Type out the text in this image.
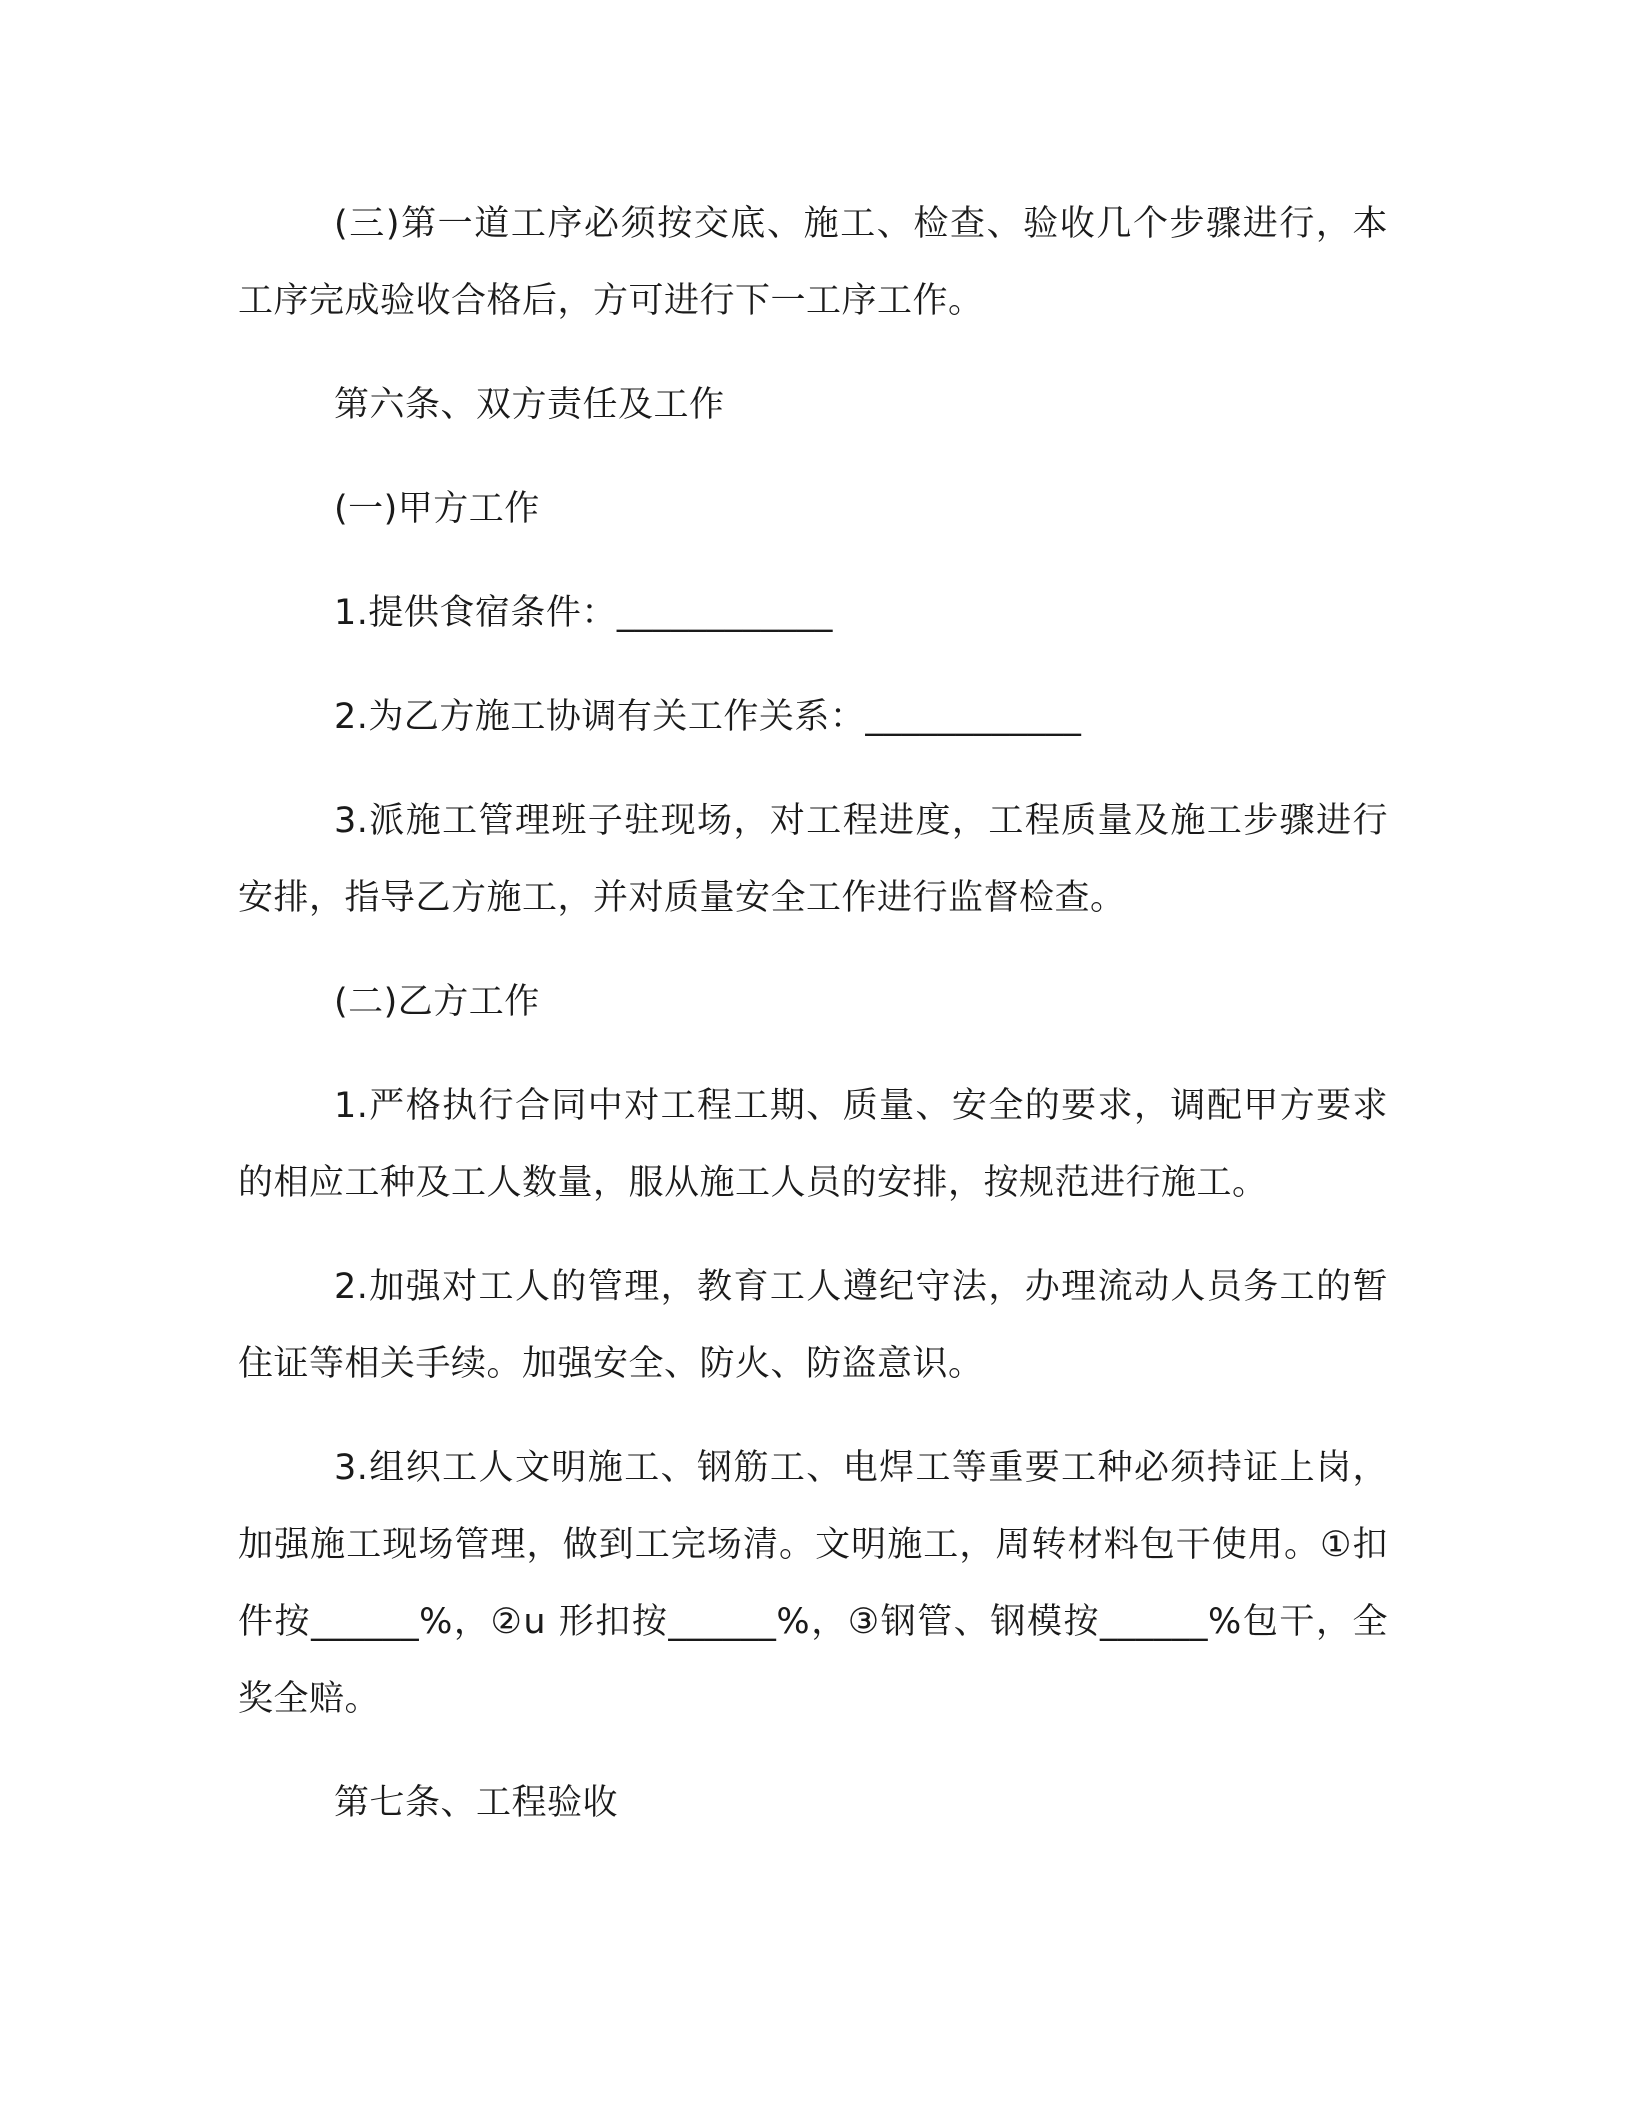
(三)第一道工序必须按交底、施工、检查、验收几个步骤进行，本工序完成验收合格后，方可进行下一工序工作。

第六条、双方责任及工作

(一)甲方工作

1.提供食宿条件：____________

2.为乙方施工协调有关工作关系：____________

3.派施工管理班子驻现场，对工程进度，工程质量及施工步骤进行安排，指导乙方施工，并对质量安全工作进行监督检查。

(二)乙方工作

1.严格执行合同中对工程工期、质量、安全的要求，调配甲方要求的相应工种及工人数量，服从施工人员的安排，按规范进行施工。

2.加强对工人的管理，教育工人遵纪守法，办理流动人员务工的暂住证等相关手续。加强安全、防火、防盗意识。

3.组织工人文明施工、钢筋工、电焊工等重要工种必须持证上岗，加强施工现场管理，做到工完场清。文明施工，周转材料包干使用。①扣件按______%，②u 形扣按______%，③钢管、钢模按______%包干，全奖全赔。

第七条、工程验收
